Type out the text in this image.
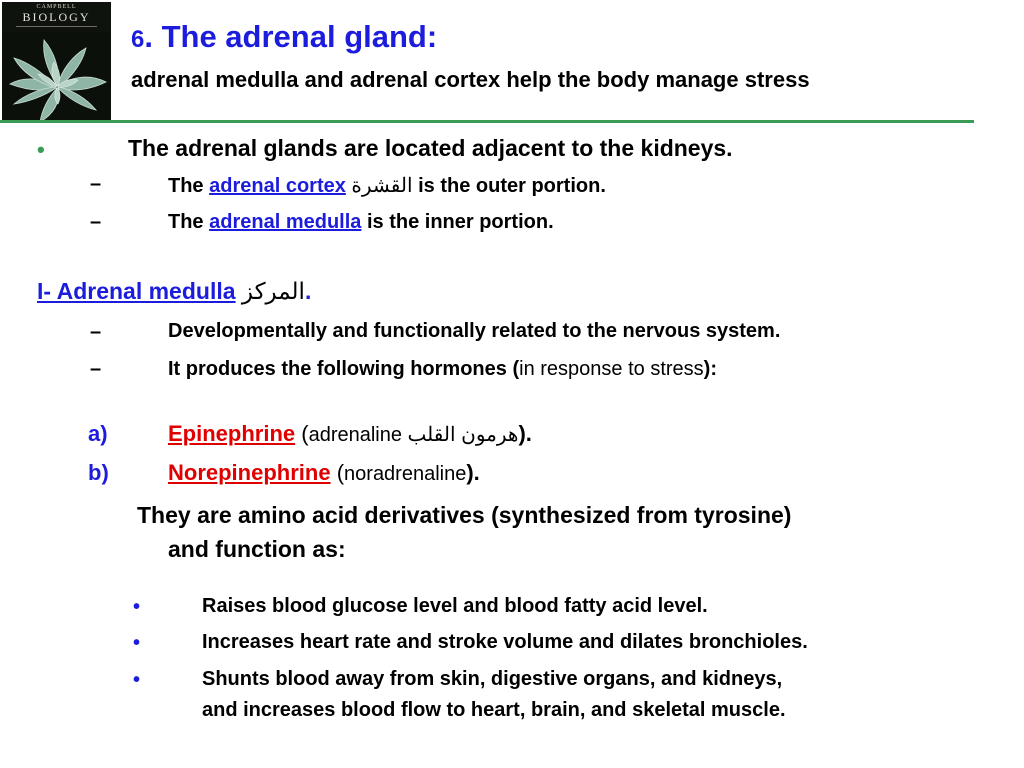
CAMPBELL
BIOLOGY
6. The adrenal gland:
adrenal medulla and adrenal cortex help the body manage stress
•	The adrenal glands are located adjacent to the kidneys.
–	The adrenal cortex القشرة is the outer portion.
–	The adrenal medulla is the inner portion.
I- Adrenal medulla المركز.
–	Developmentally and functionally related to the nervous system.
–	It produces the following hormones (in response to stress):
a)	Epinephrine (adrenaline هرمون القلب).
b)	Norepinephrine (noradrenaline).
They are amino acid derivatives (synthesized from tyrosine)
and function as:
•	Raises blood glucose level and blood fatty acid level.
•	Increases heart rate and stroke volume and dilates bronchioles.
•	Shunts blood away from skin, digestive organs, and kidneys,
and increases blood flow to heart, brain, and skeletal muscle.
